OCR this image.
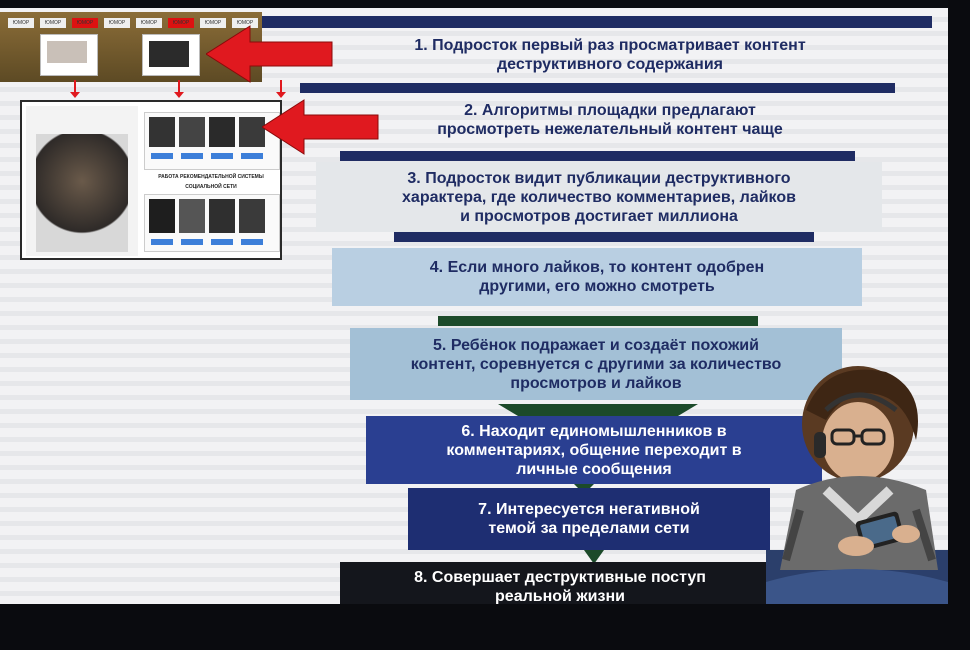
ЮМОР	ЮМОР	ЮМОР	ЮМОР	ЮМОР	ЮМОР	ЮМОР	ЮМОР
РАБОТА РЕКОМЕНДАТЕЛЬНОЙ СИСТЕМЫ СОЦИАЛЬНОЙ СЕТИ
1. Подросток первый раз просматривает контент
деструктивного содержания
2. Алгоритмы площадки предлагают
просмотреть нежелательный контент чаще
3. Подросток видит публикации деструктивного
характера, где количество комментариев, лайков
и просмотров достигает миллиона
4. Если много лайков, то контент одобрен
другими, его можно смотреть
5. Ребёнок подражает и создаёт похожий
контент, соревнуется с другими за количество
просмотров и лайков
6. Находит единомышленников в
комментариях, общение переходит в
личные сообщения
7. Интересуется негативной
темой за пределами сети
8. Совершает деструктивные поступ
реальной жизни
